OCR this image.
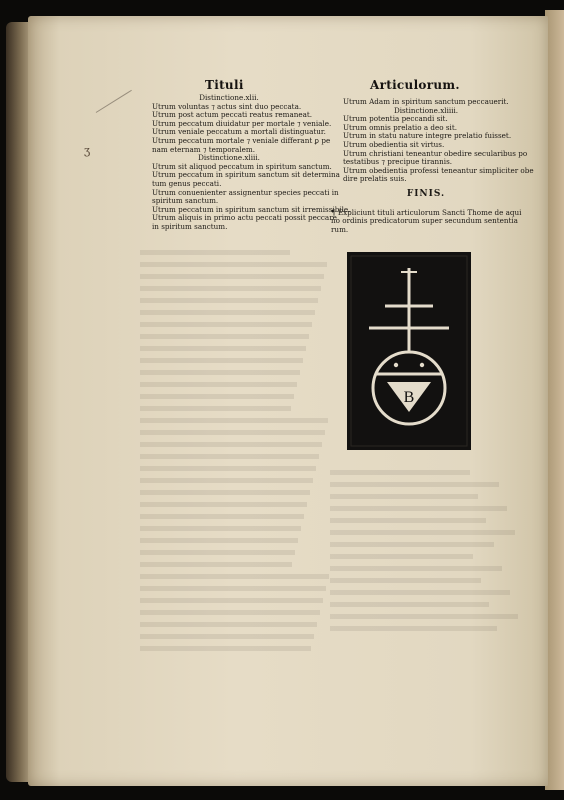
ʒ
Tituli	Articulorum.
Distinctione.xlii.
Utrum voluntas ⁊ actus sint duo peccata.
Utrum post actum peccati reatus remaneat.
Utrum peccatum diuidatur per mortale ⁊ veniale.
Utrum veniale peccatum a mortali distinguatur.
Utrum peccatum mortale ⁊ veniale differant ꝑ pe
nam eternam ⁊ temporalem.
Distinctione.xliii.
Utrum sit aliquod peccatum in spiritum sanctum.
Utrum peccatum in spiritum sanctum sit determina
tum genus peccati.
Utrum conuenienter assignentur species peccati in
spiritum sanctum.
Utrum peccatum in spiritum sanctum sit irremissibile.
Utrum aliquis in primo actu peccati possit peccare
in spiritum sanctum.
Utrum Adam in spiritum sanctum peccauerit.
Distinctione.xliiii.
Utrum potentia peccandi sit.
Utrum omnis prelatio a deo sit.
Utrum in statu nature integre prelatio fuisset.
Utrum obedientia sit virtus.
Utrum christiani teneantur obedire secularibus po
testatibus ⁊ precipue tirannis.
Utrum obedientia professi teneantur simpliciter obe
dire prelatis suis.
FINIS.
¶ Expliciunt tituli articulorum Sancti Thome de aqui
no ordinis predicatorum super secundum sententia
rum.
B
